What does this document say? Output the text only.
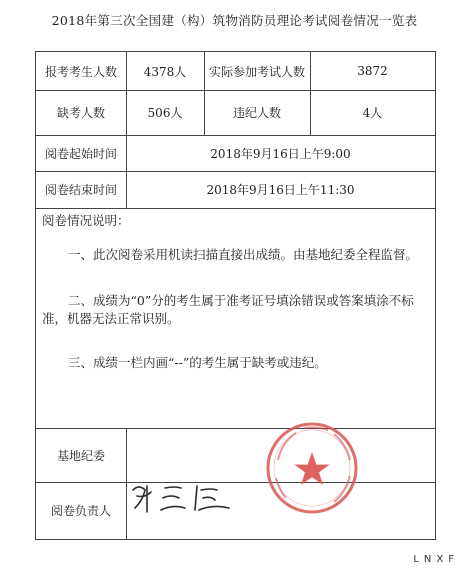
2018年第三次全国建（构）筑物消防员理论考试阅卷情况一览表
报考考生人数	4378人	实际参加考试人数	3872
缺考人数	506人	违纪人数	4人
阅卷起始时间	2018年9月16日上午9:00
阅卷结束时间	2018年9月16日上午11:30

阅卷情况说明：

一、此次阅卷采用机读扫描直接出成绩。由基地纪委全程监督。

二、成绩为“0”分的考生属于准考证号填涂错误或答案填涂不标准，机器无法正常识别。

三、成绩一栏内画“--”的考生属于缺考或违纪。

基地纪委
阅卷负责人
LNXF
